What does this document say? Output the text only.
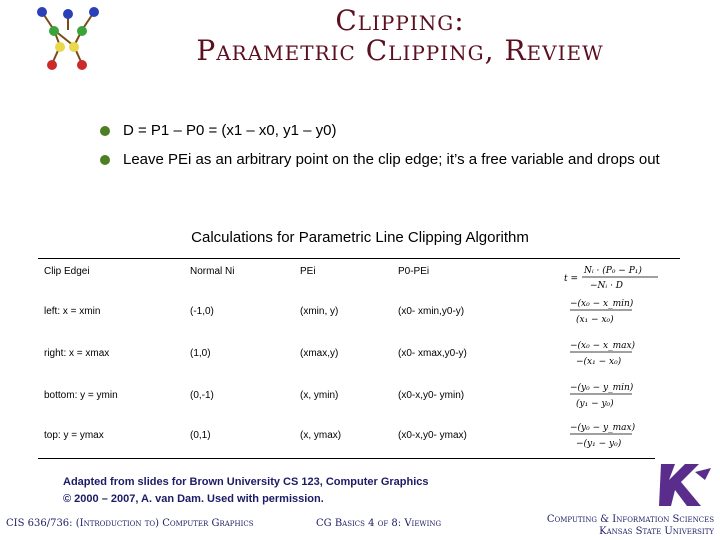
Clipping:
Parametric Clipping, Review
D = P1 – P0 = (x1 – x0, y1 – y0)
Leave PEi as an arbitrary point on the clip edge; it’s a free variable and drops out
Calculations for Parametric Line Clipping Algorithm
Clip Edgei	Normal Ni	PEi	P0-PEi
t =
Nᵢ · (P₀ − P₁)
−Nᵢ · D
left: x = xmin	(-1,0)	(xmin, y)	(x0- xmin,y0-y)
−(x₀ − x_min)
(x₁ − x₀)
right: x = xmax	(1,0)	(xmax,y)	(x0- xmax,y0-y)
−(x₀ − x_max)
−(x₁ − x₀)
bottom: y = ymin	(0,-1)	(x, ymin)	(x0-x,y0- ymin)
−(y₀ − y_min)
(y₁ − y₀)
top: y = ymax	(0,1)	(x, ymax)	(x0-x,y0- ymax)
−(y₀ − y_max)
−(y₁ − y₀)
Adapted from slides for Brown University CS 123, Computer Graphics
© 2000 – 2007, A. van Dam. Used with permission.
CIS 636/736: (Introduction to) Computer Graphics	CG Basics 4 of 8: Viewing	Computing & Information Sciences
Kansas State University
